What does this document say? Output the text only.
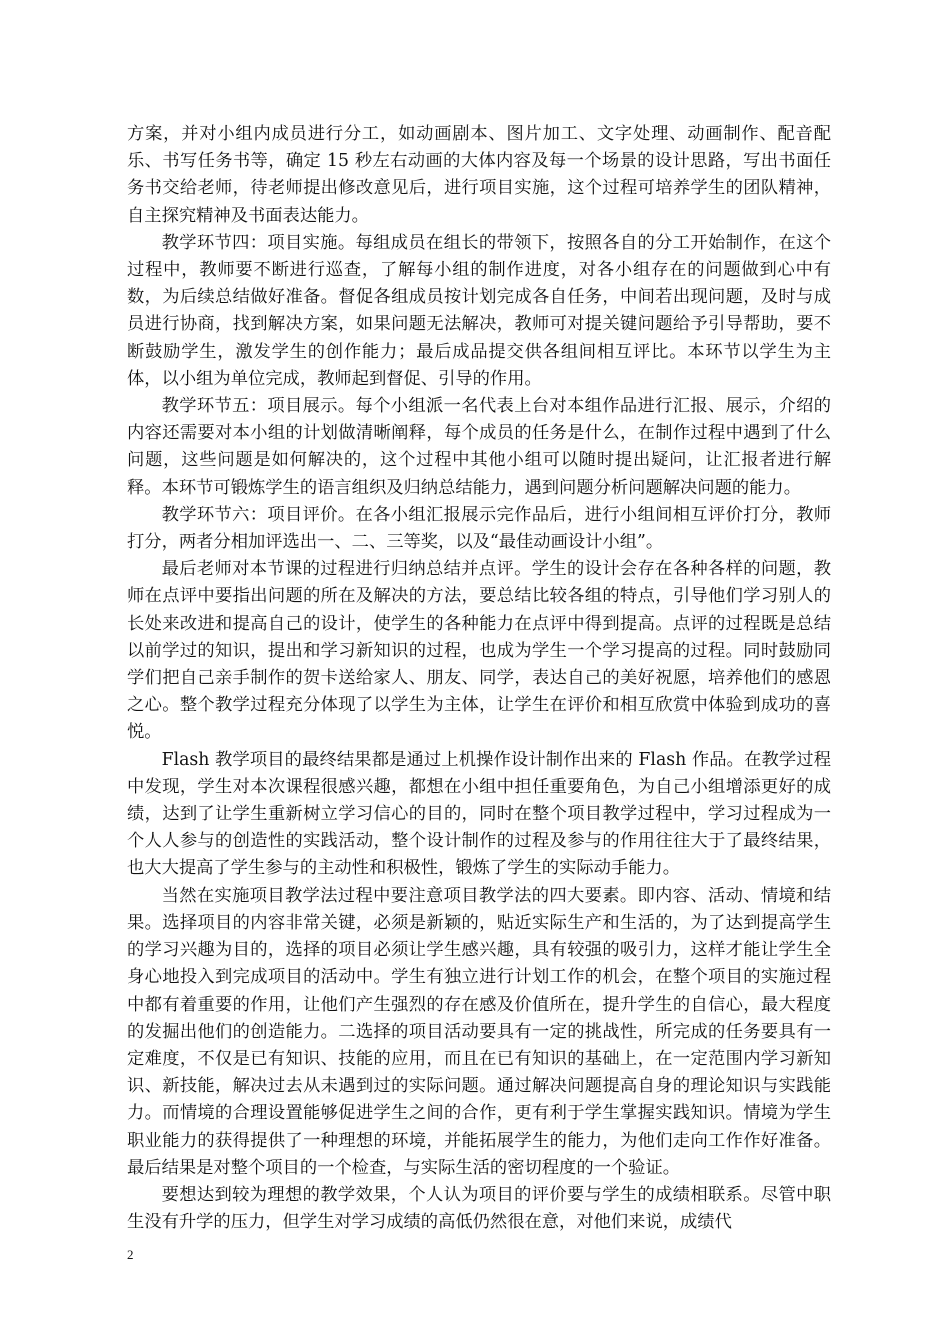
方案，并对小组内成员进行分工，如动画剧本、图片加工、文字处理、动画制作、配音配乐、书写任务书等，确定 15 秒左右动画的大体内容及每一个场景的设计思路，写出书面任务书交给老师，待老师提出修改意见后，进行项目实施，这个过程可培养学生的团队精神，自主探究精神及书面表达能力。

教学环节四：项目实施。每组成员在组长的带领下，按照各自的分工开始制作，在这个过程中，教师要不断进行巡查，了解每小组的制作进度，对各小组存在的问题做到心中有数，为后续总结做好准备。督促各组成员按计划完成各自任务，中间若出现问题，及时与成员进行协商，找到解决方案，如果问题无法解决，教师可对提关键问题给予引导帮助，要不断鼓励学生，激发学生的创作能力；最后成品提交供各组间相互评比。本环节以学生为主体，以小组为单位完成，教师起到督促、引导的作用。

教学环节五：项目展示。每个小组派一名代表上台对本组作品进行汇报、展示，介绍的内容还需要对本小组的计划做清晰阐释，每个成员的任务是什么，在制作过程中遇到了什么问题，这些问题是如何解决的，这个过程中其他小组可以随时提出疑问，让汇报者进行解释。本环节可锻炼学生的语言组织及归纳总结能力，遇到问题分析问题解决问题的能力。

教学环节六：项目评价。在各小组汇报展示完作品后，进行小组间相互评价打分，教师打分，两者分相加评选出一、二、三等奖，以及“最佳动画设计小组”。

最后老师对本节课的过程进行归纳总结并点评。学生的设计会存在各种各样的问题，教师在点评中要指出问题的所在及解决的方法，要总结比较各组的特点，引导他们学习别人的长处来改进和提高自己的设计，使学生的各种能力在点评中得到提高。点评的过程既是总结以前学过的知识，提出和学习新知识的过程，也成为学生一个学习提高的过程。同时鼓励同学们把自己亲手制作的贺卡送给家人、朋友、同学，表达自己的美好祝愿，培养他们的感恩之心。整个教学过程充分体现了以学生为主体，让学生在评价和相互欣赏中体验到成功的喜悦。

Flash 教学项目的最终结果都是通过上机操作设计制作出来的 Flash 作品。在教学过程中发现，学生对本次课程很感兴趣，都想在小组中担任重要角色，为自己小组增添更好的成绩，达到了让学生重新树立学习信心的目的，同时在整个项目教学过程中，学习过程成为一个人人参与的创造性的实践活动，整个设计制作的过程及参与的作用往往大于了最终结果，也大大提高了学生参与的主动性和积极性，锻炼了学生的实际动手能力。

当然在实施项目教学法过程中要注意项目教学法的四大要素。即内容、活动、情境和结果。选择项目的内容非常关键，必须是新颖的，贴近实际生产和生活的，为了达到提高学生的学习兴趣为目的，选择的项目必须让学生感兴趣，具有较强的吸引力，这样才能让学生全身心地投入到完成项目的活动中。学生有独立进行计划工作的机会，在整个项目的实施过程中都有着重要的作用，让他们产生强烈的存在感及价值所在，提升学生的自信心，最大程度的发掘出他们的创造能力。二选择的项目活动要具有一定的挑战性，所完成的任务要具有一定难度，不仅是已有知识、技能的应用，而且在已有知识的基础上，在一定范围内学习新知识、新技能，解决过去从未遇到过的实际问题。通过解决问题提高自身的理论知识与实践能力。而情境的合理设置能够促进学生之间的合作，更有利于学生掌握实践知识。情境为学生职业能力的获得提供了一种理想的环境，并能拓展学生的能力，为他们走向工作作好准备。最后结果是对整个项目的一个检查，与实际生活的密切程度的一个验证。

要想达到较为理想的教学效果，个人认为项目的评价要与学生的成绩相联系。尽管中职生没有升学的压力，但学生对学习成绩的高低仍然很在意，对他们来说，成绩代

2
